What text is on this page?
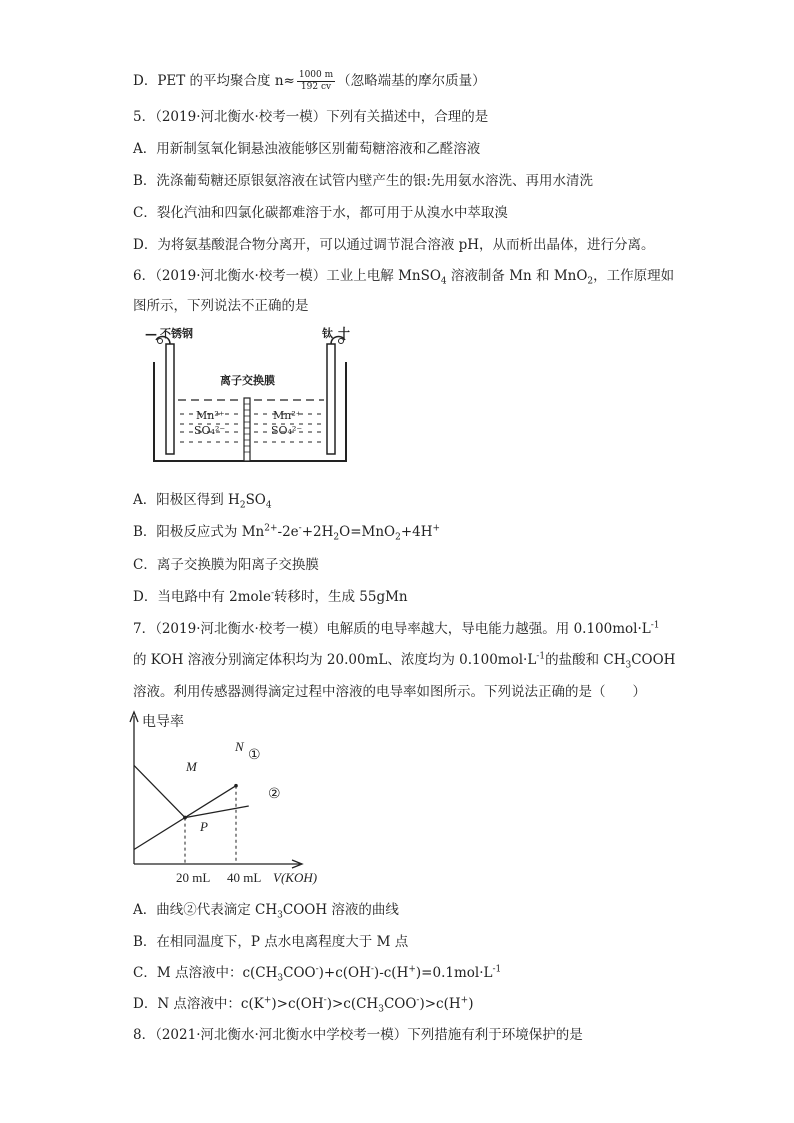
D．PET 的平均聚合度 $n\approx \frac{1000 m}{192 cv}$ （忽略端基的摩尔质量）
5．（2019·河北衡水·校考一模）下列有关描述中，合理的是
A．用新制氢氧化铜悬浊液能够区别葡萄糖溶液和乙醛溶液
B．洗涤葡萄糖还原银氨溶液在试管内壁产生的银:先用氨水溶洗、再用水清洗
C．裂化汽油和四氯化碳都难溶于水，都可用于从溴水中萃取溴
D．为将氨基酸混合物分离开，可以通过调节混合溶液 pH，从而析出晶体，进行分离。
6．（2019·河北衡水·校考一模）工业上电解 MnSO$_4$ 溶液制备 Mn 和 MnO$_2$，工作原理如
图所示，下列说法不正确的是
— 不锈钢	钛 十
离子交换膜
Mn²⁺
SO₄²⁻
Mn²⁺
SO₄²⁻
A．阳极区得到 $H_2SO_4$
B．阳极反应式为 $Mn^{2+}-2e^-+2H_2O=MnO_2+4H^+$
C．离子交换膜为阳离子交换膜
D．当电路中有 2mole-转移时，生成 55gMn
7．（2019·河北衡水·校考一模）电解质的电导率越大，导电能力越强。用 $0.100mol\cdot L^{-1}$
的 KOH 溶液分别滴定体积均为 20.00mL、浓度均为 $0.100mol\cdot L^{-1}$的盐酸和 $CH_3COOH$
溶液。利用传感器测得滴定过程中溶液的电导率如图所示。下列说法正确的是（　　）
电导率
20 mL 40 mL V(KOH)
M
N
P
①
②
A．曲线②代表滴定 $CH_3COOH$ 溶液的曲线
B．在相同温度下，P 点水电离程度大于 M 点
C．M 点溶液中：$c(CH_3COO^-)+c(OH^-)-c(H^+)=0.1mol\cdot L^{-1}$
D．N 点溶液中：$c(K^+)>c(OH^-)>c(CH_3COO^-)>c(H^+)$
8．（2021·河北衡水·河北衡水中学校考一模）下列措施有利于环境保护的是
